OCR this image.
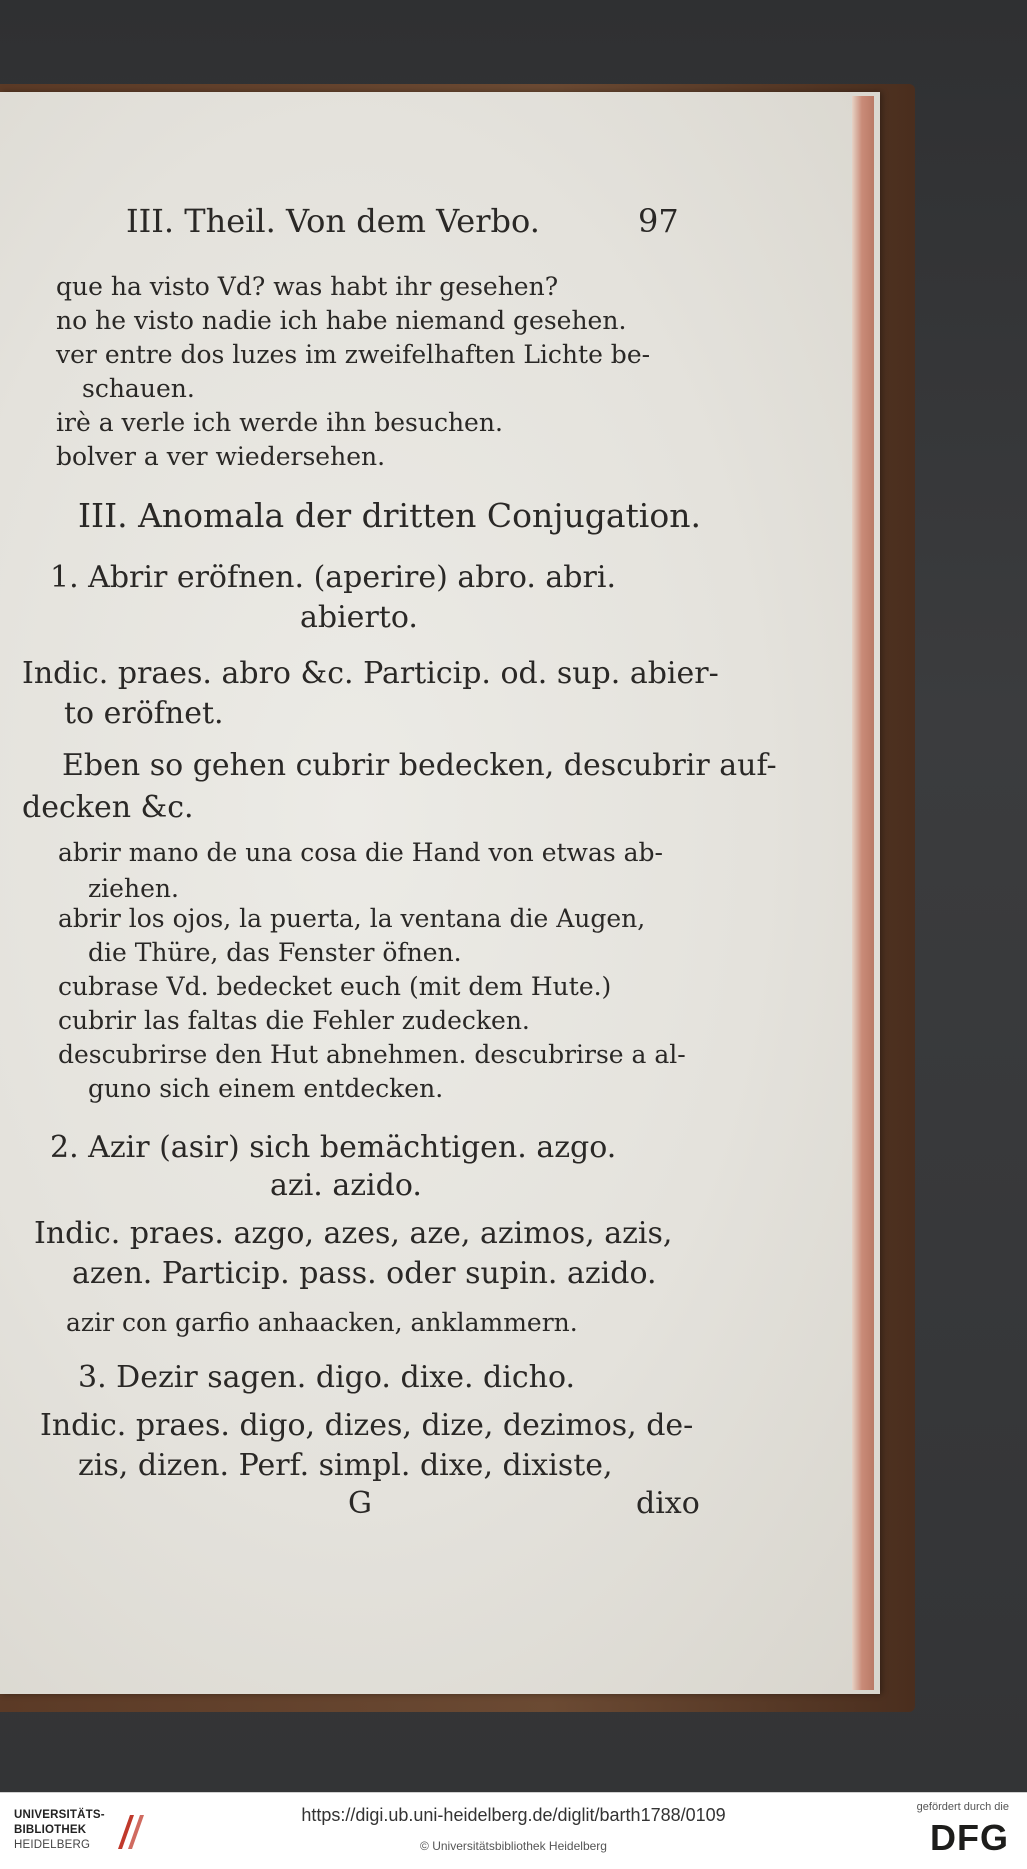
III. Theil. Von dem Verbo.	97
que ha visto Vd? was habt ihr gesehen?
no he visto nadie ich habe niemand gesehen.
ver entre dos luzes im zweifelhaften Lichte be-
schauen.
irè a verle ich werde ihn besuchen.
bolver a ver wiedersehen.
III. Anomala der dritten Conjugation.
1. Abrir eröfnen. (aperire) abro. abri.
abierto.
Indic. praes. abro &c. Particip. od. sup. abier-
to eröfnet.
Eben so gehen cubrir bedecken, descubrir auf-
decken &c.
abrir mano de una cosa die Hand von etwas ab-
ziehen.
abrir los ojos, la puerta, la ventana die Augen,
die Thüre, das Fenster öfnen.
cubrase Vd. bedecket euch (mit dem Hute.)
cubrir las faltas die Fehler zudecken.
descubrirse den Hut abnehmen. descubrirse a al-
guno sich einem entdecken.
2. Azir (asir) sich bemächtigen. azgo.
azi. azido.
Indic. praes. azgo, azes, aze, azimos, azis,
azen. Particip. pass. oder supin. azido.
azir con garfio anhaacken, anklammern.
3. Dezir sagen. digo. dixe. dicho.
Indic. praes. digo, dizes, dize, dezimos, de-
zis, dizen. Perf. simpl. dixe, dixiste,
G	dixo
UNIVERSITÄTS-
BIBLIOTHEK
HEIDELBERG
https://digi.ub.uni-heidelberg.de/diglit/barth1788/0109
© Universitätsbibliothek Heidelberg
gefördert durch die
DFG
